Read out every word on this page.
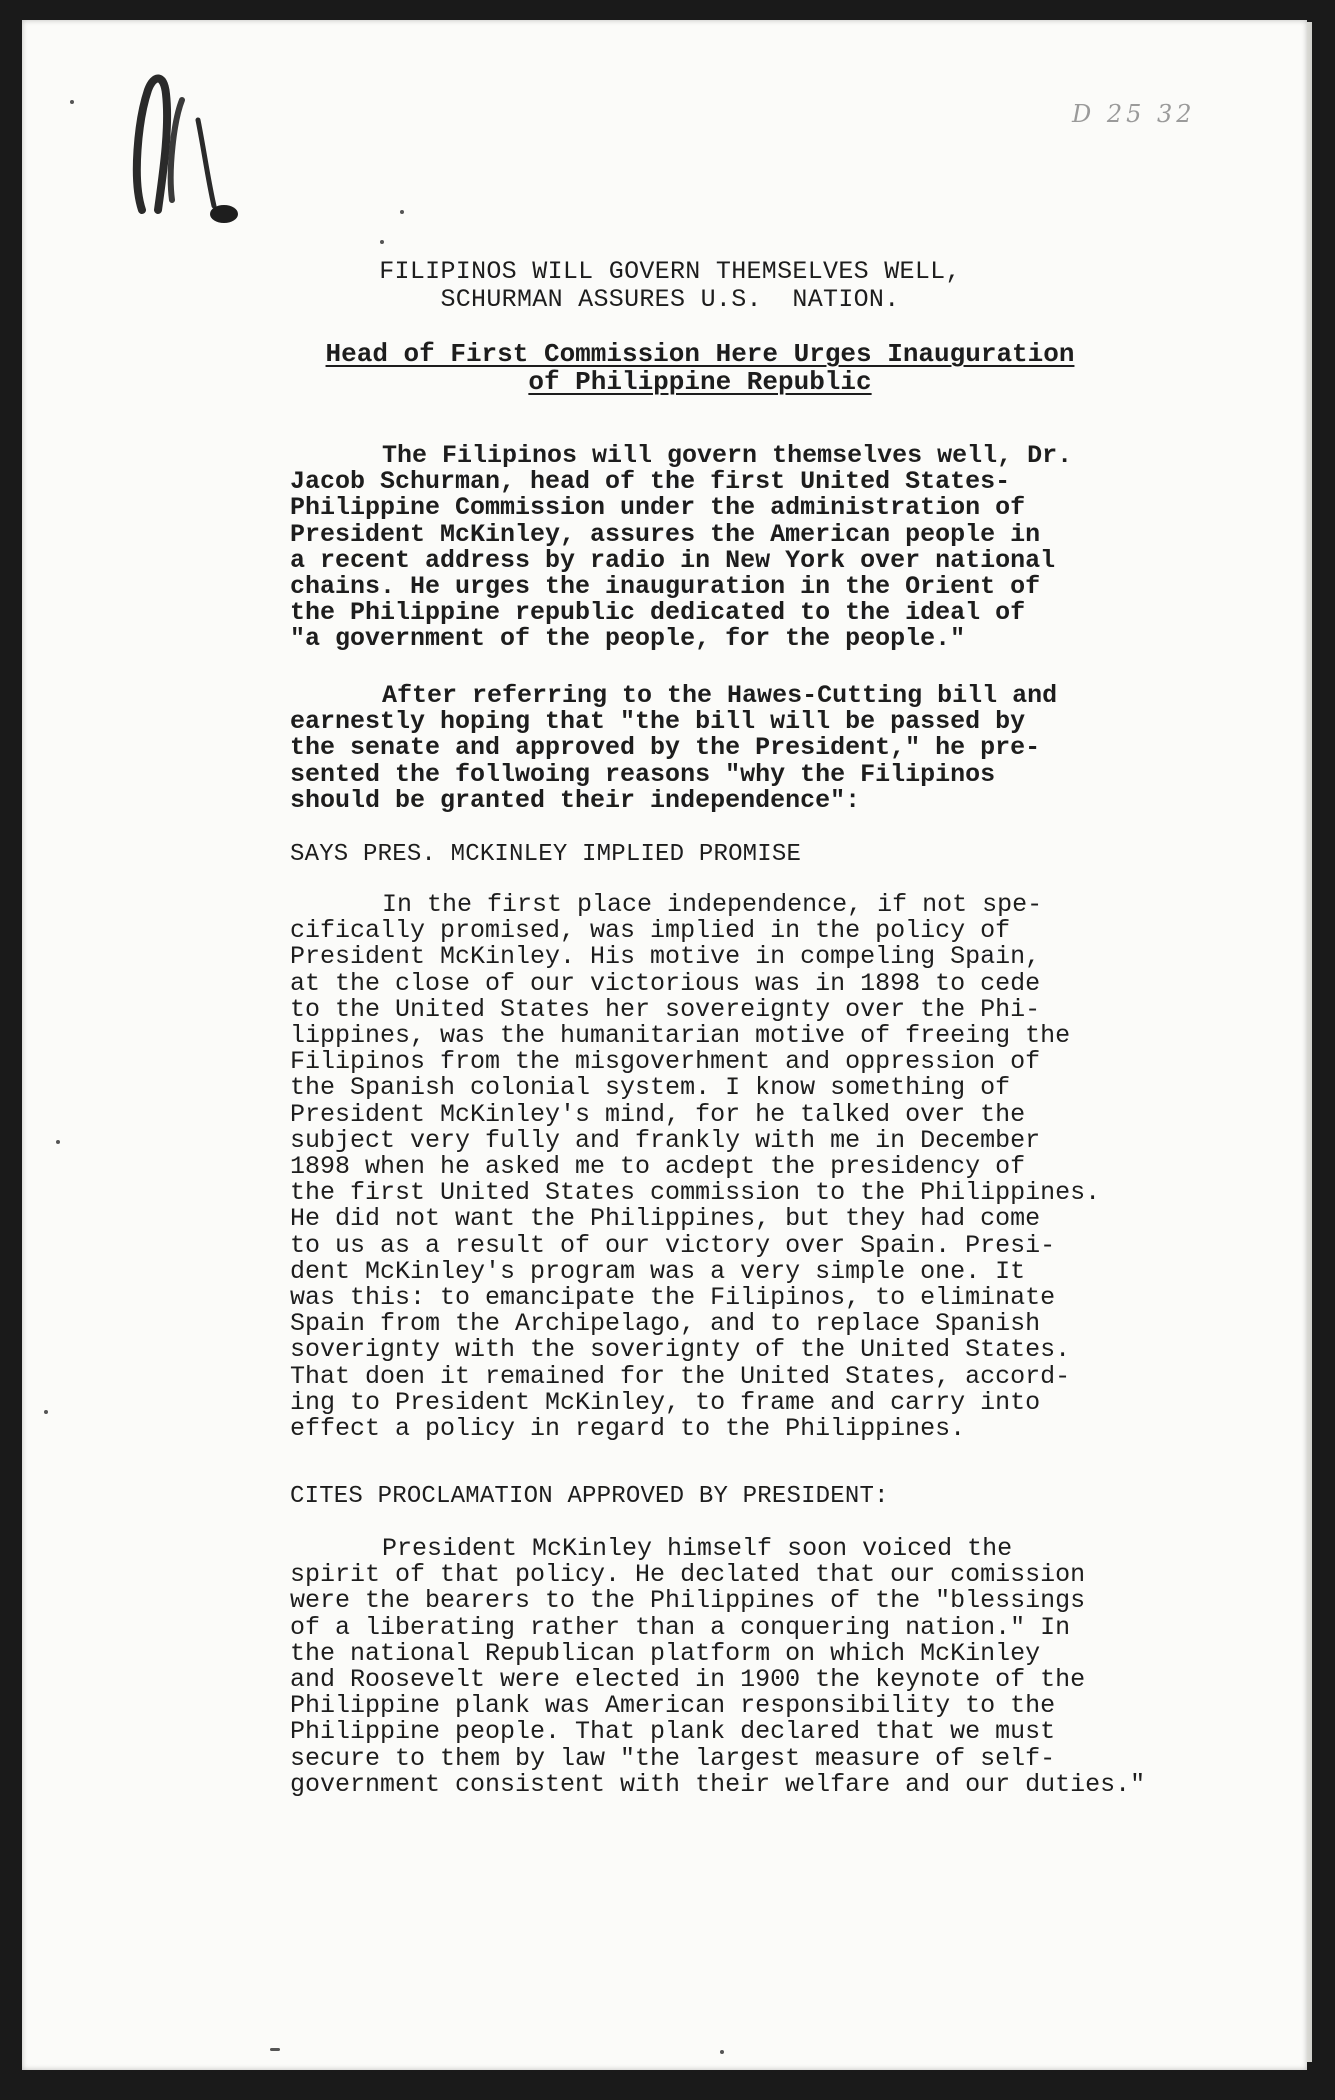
D 25 32
FILIPINOS WILL GOVERN THEMSELVES WELL,
SCHURMAN ASSURES U.S.  NATION.
Head of First Commission Here Urges Inauguration
of Philippine Republic

The Filipinos will govern themselves well, Dr.
Jacob Schurman, head of the first United States-
Philippine Commission under the administration of
President McKinley, assures the American people in
a recent address by radio in New York over national
chains. He urges the inauguration in the Orient of
the Philippine republic dedicated to the ideal of
"a government of the people, for the people."

After referring to the Hawes-Cutting bill and
earnestly hoping that "the bill will be passed by
the senate and approved by the President," he pre-
sented the follwoing reasons "why the Filipinos
should be granted their independence":

SAYS PRES. MCKINLEY IMPLIED PROMISE

In the first place independence, if not spe-
cifically promised, was implied in the policy of
President McKinley. His motive in compeling Spain,
at the close of our victorious was in 1898 to cede
to the United States her sovereignty over the Phi-
lippines, was the humanitarian motive of freeing the
Filipinos from the misgoverhment and oppression of
the Spanish colonial system. I know something of
President McKinley's mind, for he talked over the
subject very fully and frankly with me in December
1898 when he asked me to acdept the presidency of
the first United States commission to the Philippines.
He did not want the Philippines, but they had come
to us as a result of our victory over Spain. Presi-
dent McKinley's program was a very simple one. It
was this: to emancipate the Filipinos, to eliminate
Spain from the Archipelago, and to replace Spanish
soverignty with the soverignty of the United States.
That doen it remained for the United States, accord-
ing to President McKinley, to frame and carry into
effect a policy in regard to the Philippines.

CITES PROCLAMATION APPROVED BY PRESIDENT:

President McKinley himself soon voiced the
spirit of that policy. He declated that our comission
were the bearers to the Philippines of the "blessings
of a liberating rather than a conquering nation." In
the national Republican platform on which McKinley
and Roosevelt were elected in 1900 the keynote of the
Philippine plank was American responsibility to the
Philippine people. That plank declared that we must
secure to them by law "the largest measure of self-
government consistent with their welfare and our duties."
